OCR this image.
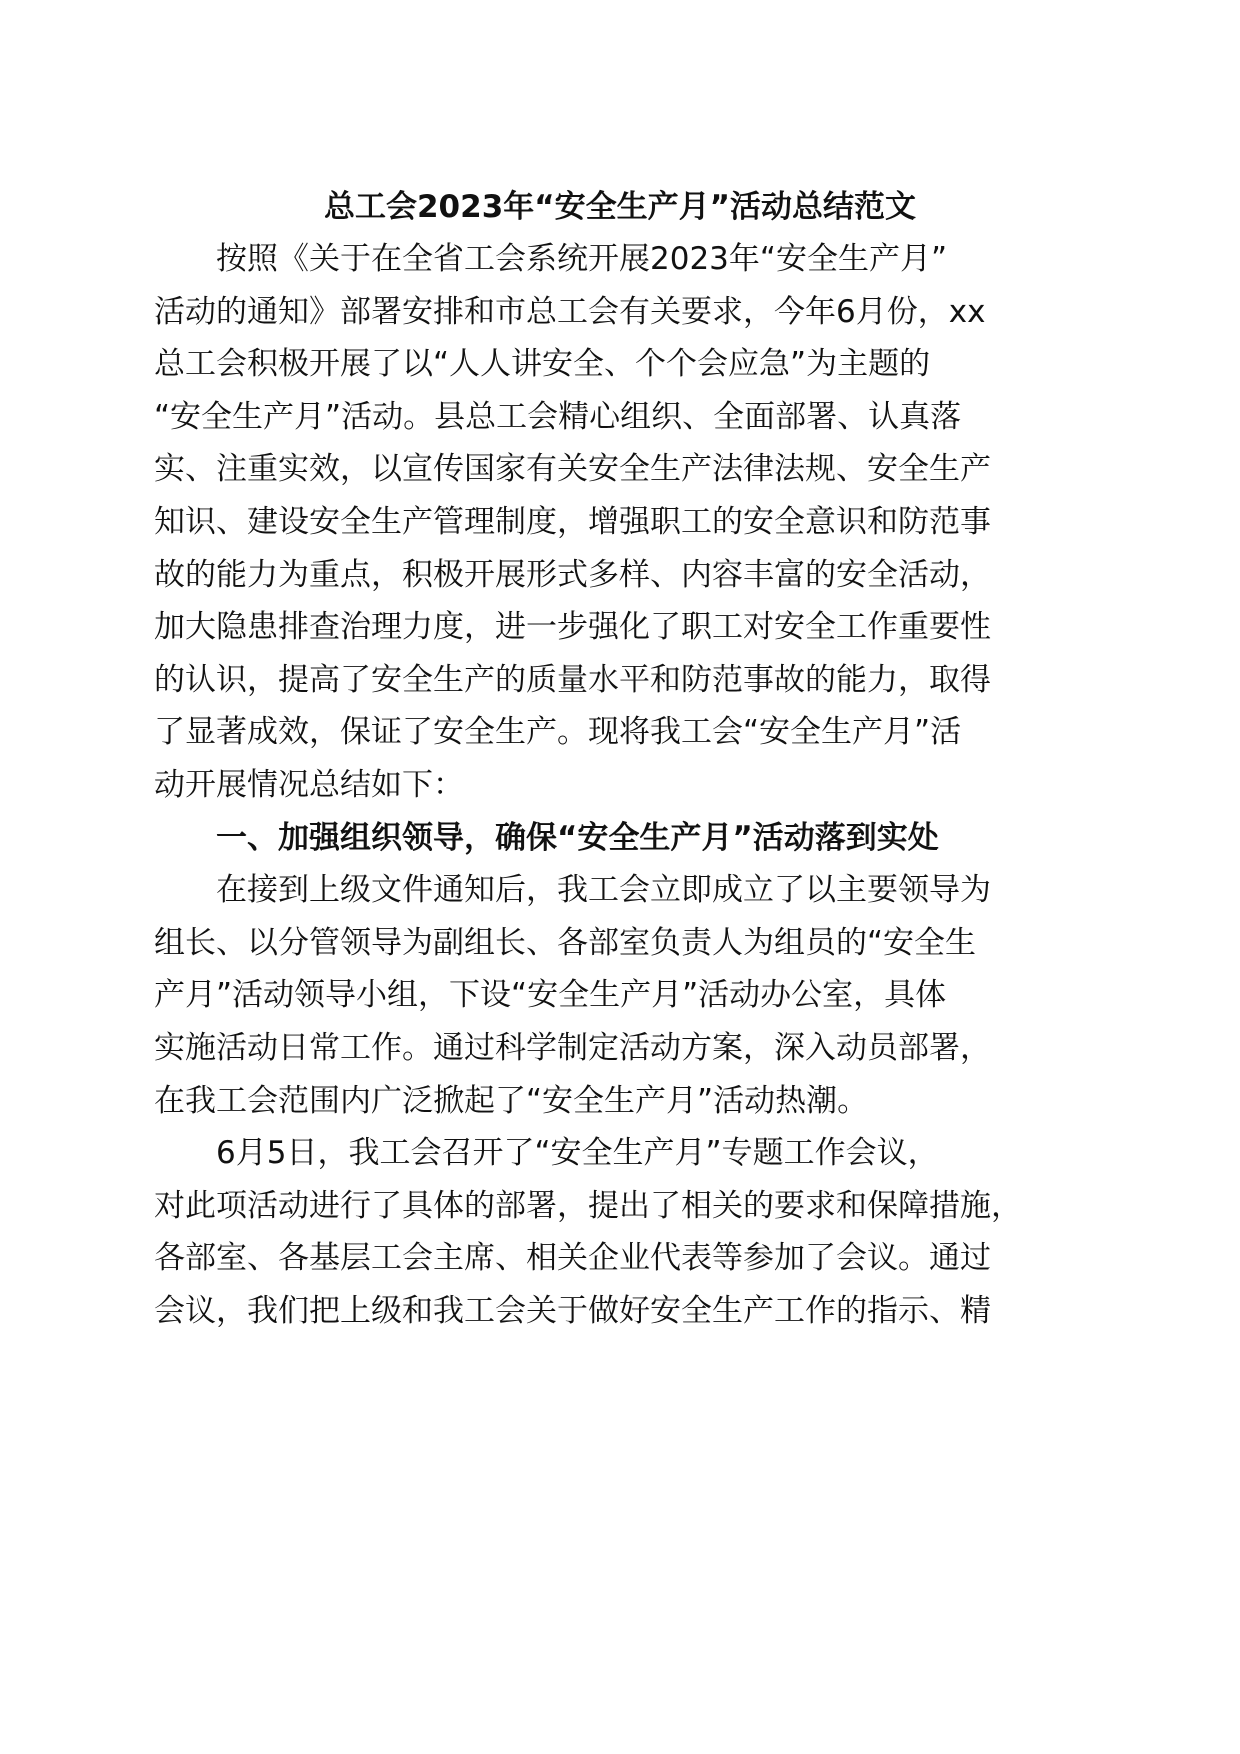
总工会2023年“安全生产月”活动总结范文
按照《关于在全省工会系统开展2023年“安全生产月”
活动的通知》部署安排和市总工会有关要求，今年6月份，xx
总工会积极开展了以“人人讲安全、个个会应急”为主题的
“安全生产月”活动。县总工会精心组织、全面部署、认真落
实、注重实效，以宣传国家有关安全生产法律法规、安全生产
知识、建设安全生产管理制度，增强职工的安全意识和防范事
故的能力为重点，积极开展形式多样、内容丰富的安全活动，
加大隐患排查治理力度，进一步强化了职工对安全工作重要性
的认识，提高了安全生产的质量水平和防范事故的能力，取得
了显著成效，保证了安全生产。现将我工会“安全生产月”活
动开展情况总结如下：
一、加强组织领导，确保“安全生产月”活动落到实处
在接到上级文件通知后，我工会立即成立了以主要领导为
组长、以分管领导为副组长、各部室负责人为组员的“安全生
产月”活动领导小组，下设“安全生产月”活动办公室，具体
实施活动日常工作。通过科学制定活动方案，深入动员部署，
在我工会范围内广泛掀起了“安全生产月”活动热潮。
6月5日，我工会召开了“安全生产月”专题工作会议，
对此项活动进行了具体的部署，提出了相关的要求和保障措施，
各部室、各基层工会主席、相关企业代表等参加了会议。通过
会议，我们把上级和我工会关于做好安全生产工作的指示、精
